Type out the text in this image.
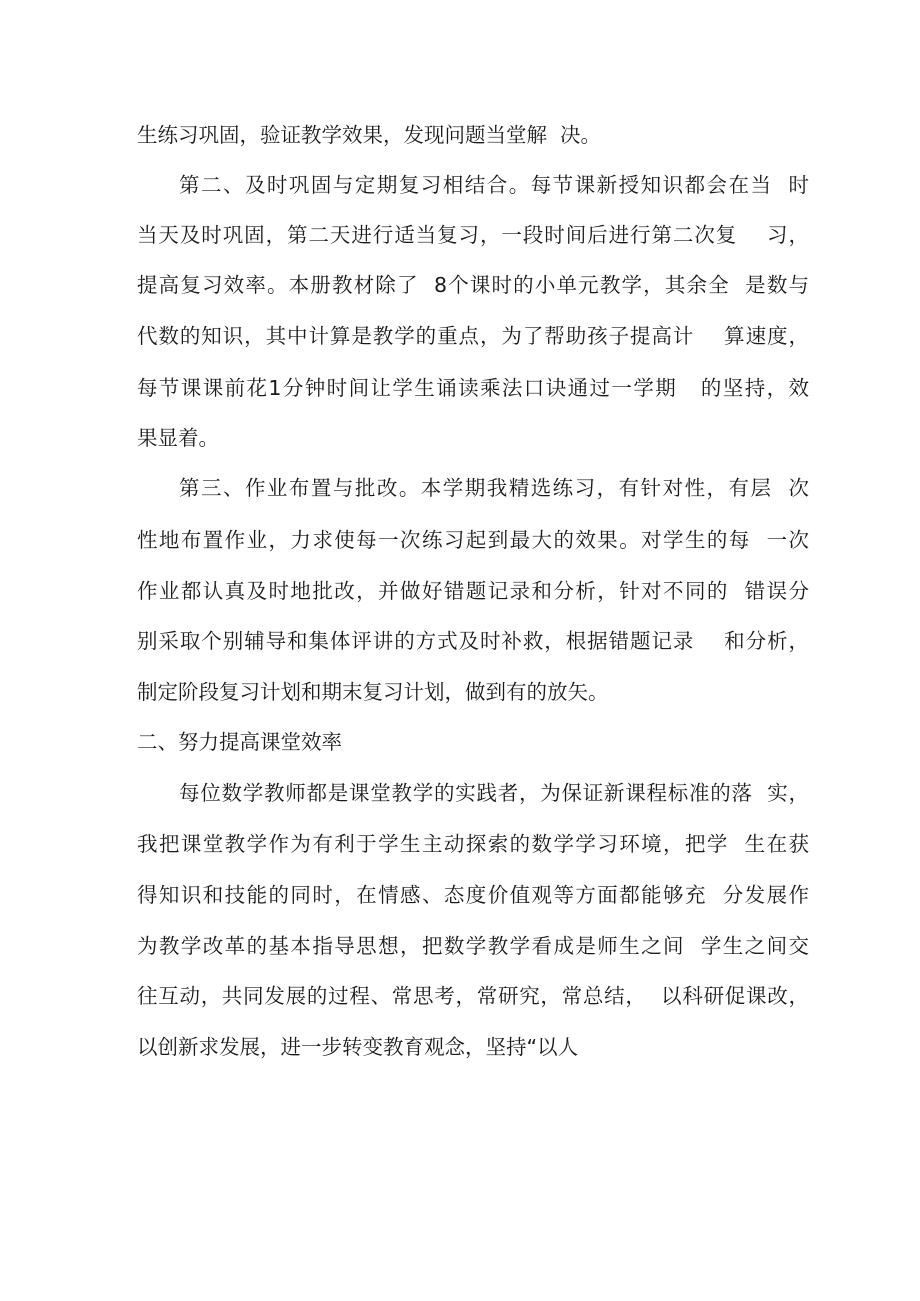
生练习巩固，验证教学效果，发现问题当堂解  决。
第二、及时巩固与定期复习相结合。每节课新授知识都会在当  时
当天及时巩固，第二天进行适当复习，一段时间后进行第二次复    习，
提高复习效率。本册教材除了  8个课时的小单元教学，其余全  是数与
代数的知识，其中计算是教学的重点，为了帮助孩子提高计    算速度，
每节课课前花1分钟时间让学生诵读乘法口诀通过一学期   的坚持，效
果显着。
第三、作业布置与批改。本学期我精选练习，有针对性，有层  次
性地布置作业，力求使每一次练习起到最大的效果。对学生的每  一次
作业都认真及时地批改，并做好错题记录和分析，针对不同的  错误分
别采取个别辅导和集体评讲的方式及时补救，根据错题记录    和分析，
制定阶段复习计划和期末复习计划，做到有的放矢。
二、努力提高课堂效率
每位数学教师都是课堂教学的实践者，为保证新课程标准的落  实，
我把课堂教学作为有利于学生主动探索的数学学习环境，把学  生在获
得知识和技能的同时，在情感、态度价值观等方面都能够充  分发展作
为教学改革的基本指导思想，把数学教学看成是师生之间  学生之间交
往互动，共同发展的过程、常思考，常研究，常总结，  以科研促课改，
以创新求发展，进一步转变教育观念，坚持“以人
